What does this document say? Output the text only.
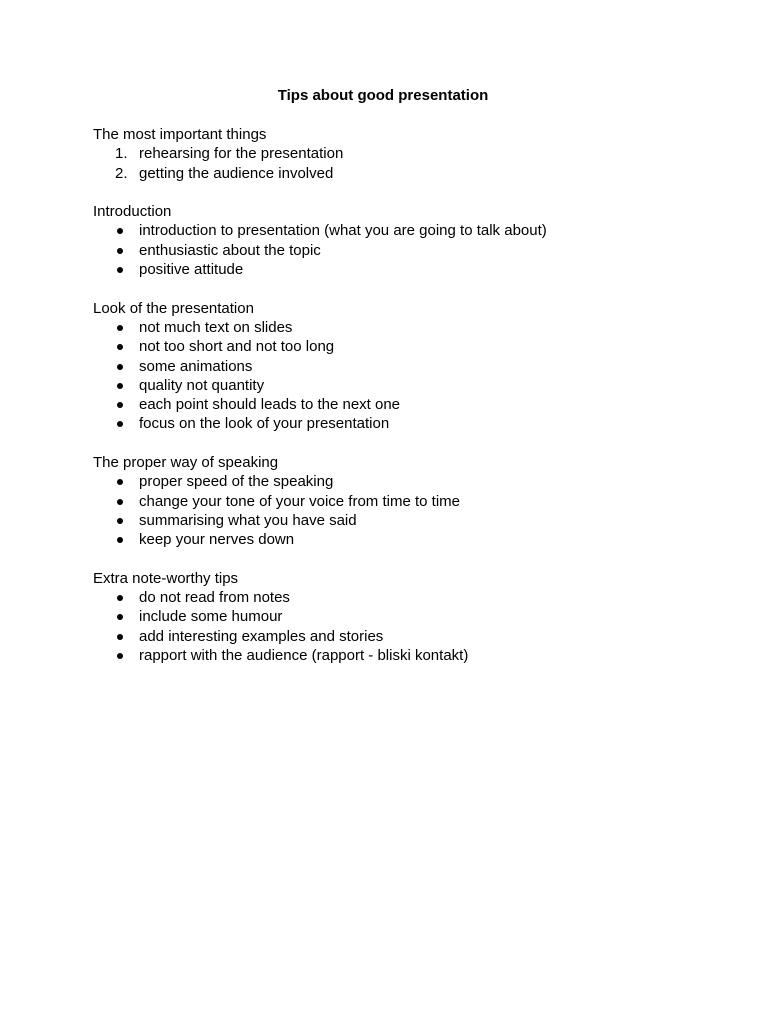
Tips about good presentation
The most important things
1. rehearsing for the presentation
2. getting the audience involved
Introduction
introduction to presentation (what you are going to talk about)
enthusiastic about the topic
positive attitude
Look of the presentation
not much text on slides
not too short and not too long
some animations
quality not quantity
each point should leads to the next one
focus on the look of your presentation
The proper way of speaking
proper speed of the speaking
change your tone of your voice from time to time
summarising what you have said
keep your nerves down
Extra note-worthy tips
do not read from notes
include some humour
add interesting examples and stories
rapport with the audience (rapport - bliski kontakt)
